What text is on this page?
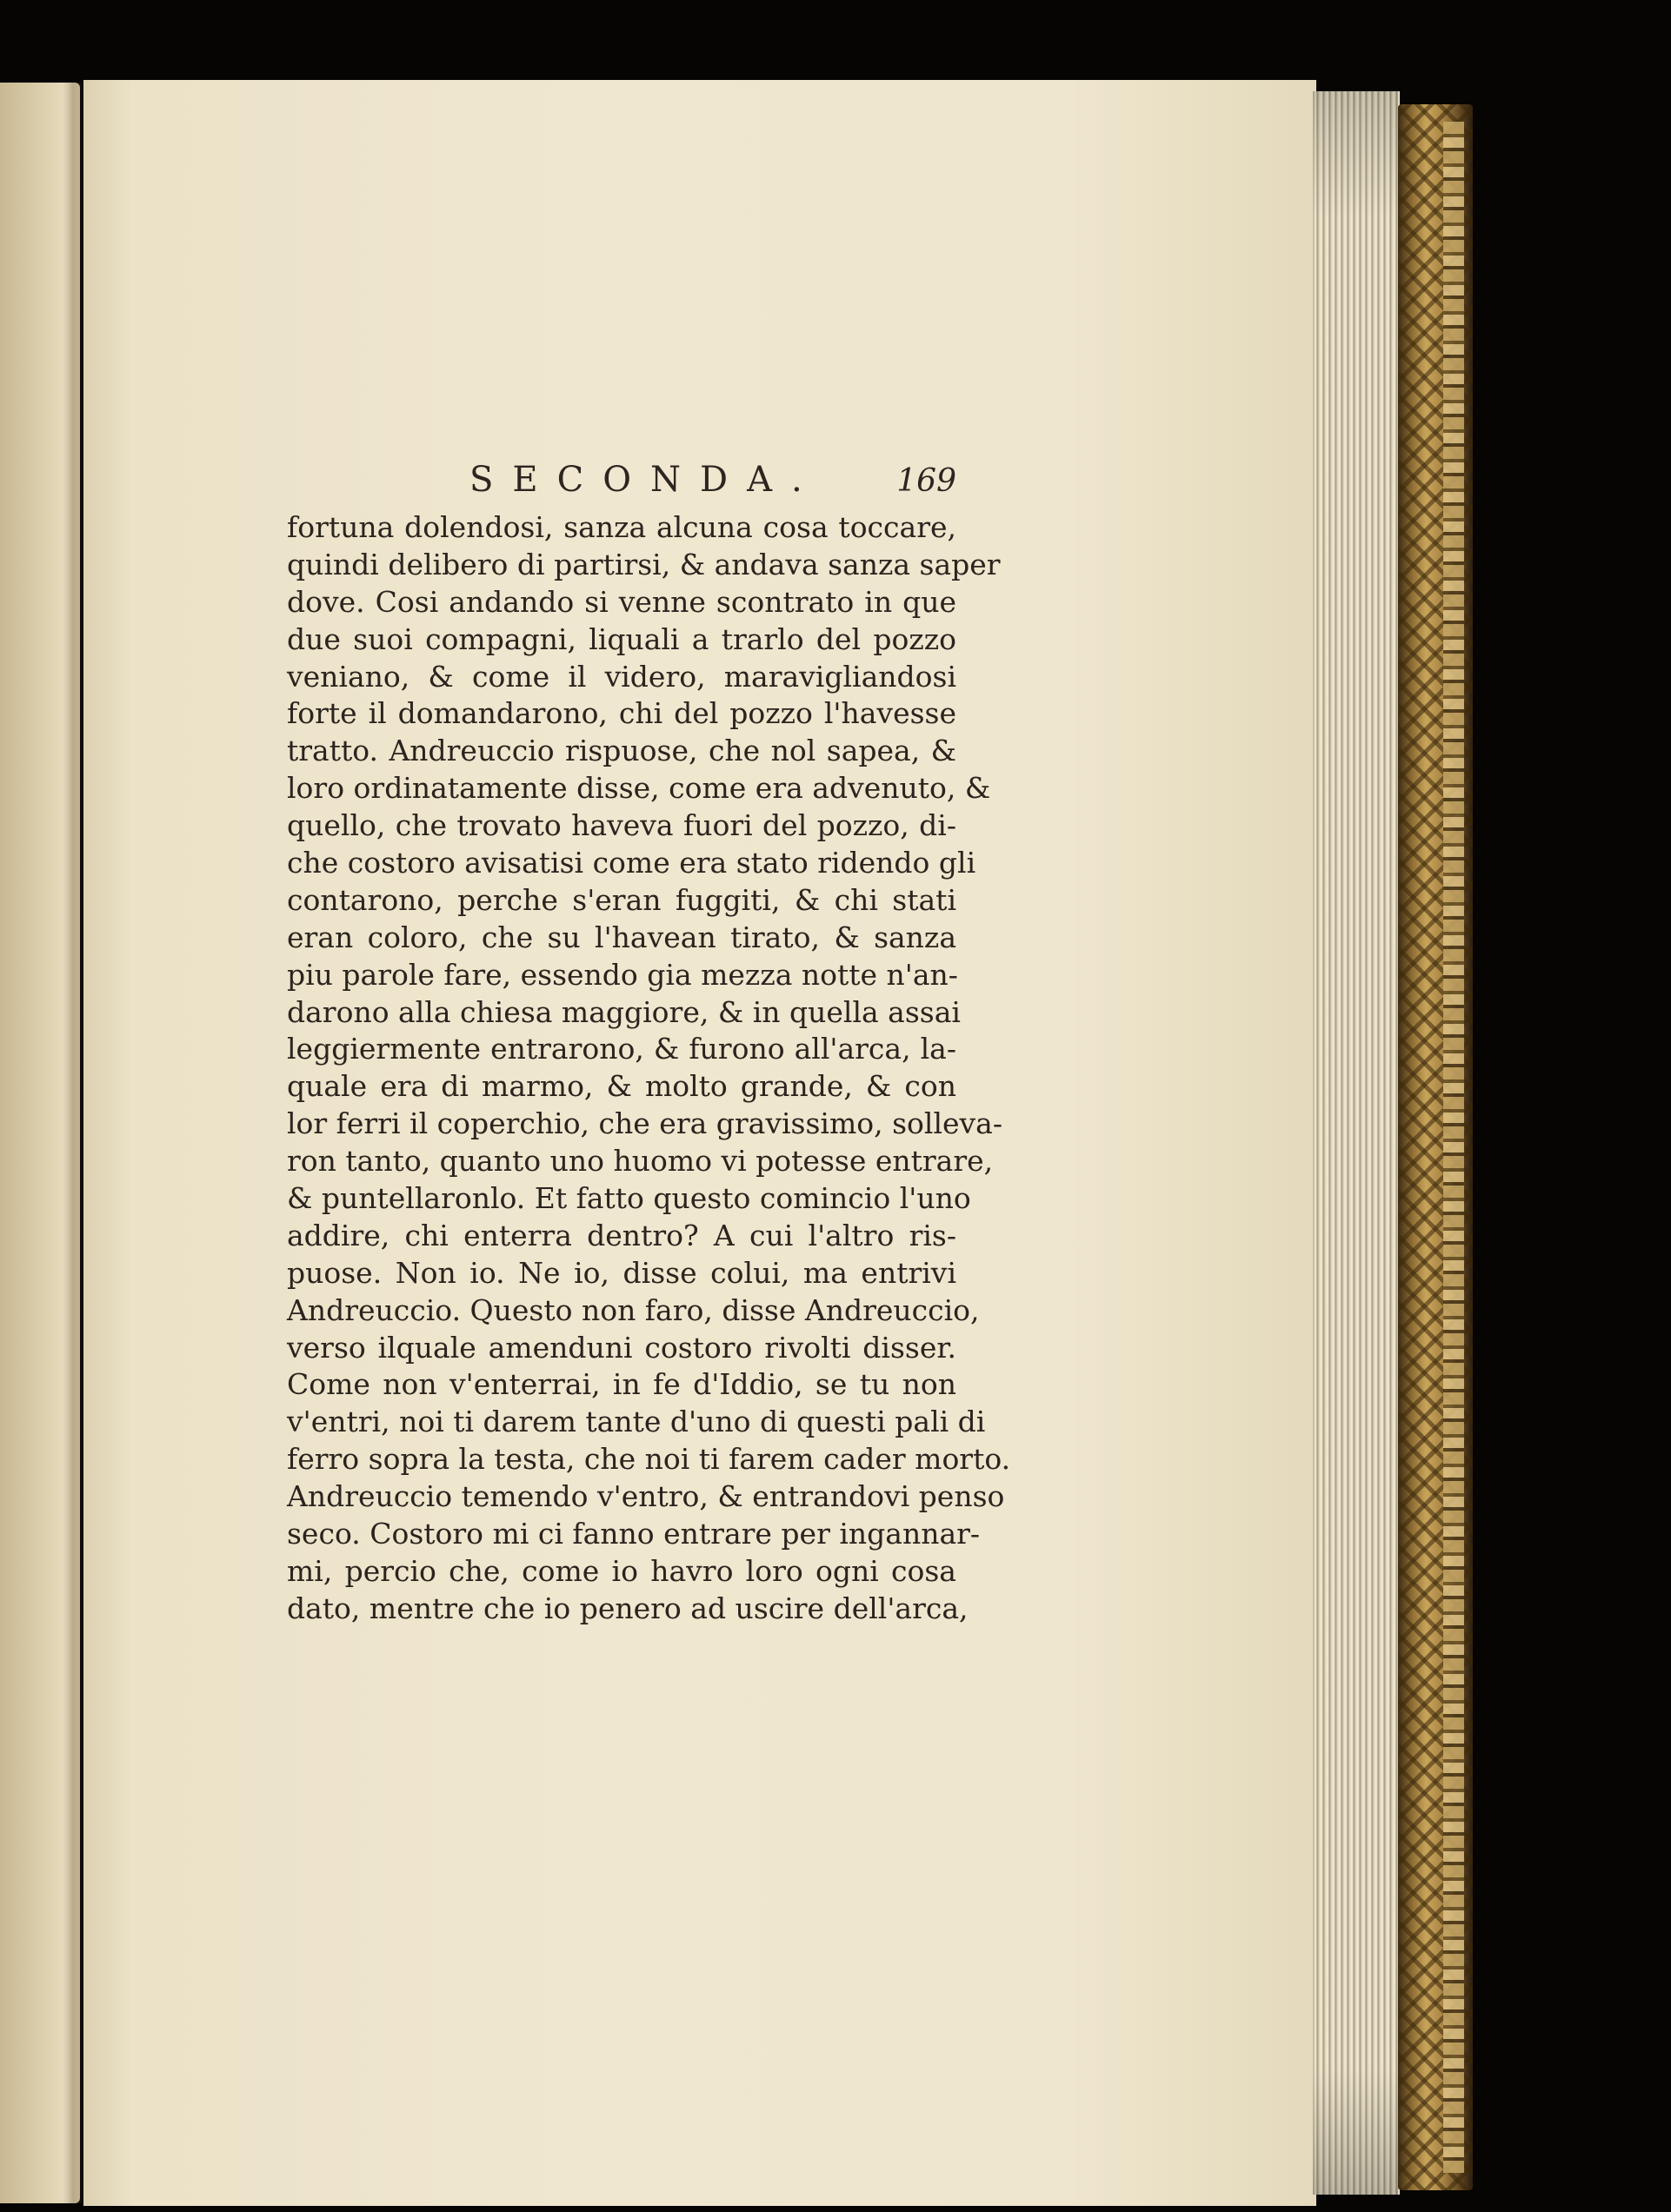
SECONDA. 169
fortuna dolendosi, sanza alcuna cosa toccare,
quindi delibero di partirsi, & andava sanza saper
dove. Cosi andando si venne scontrato in que
due suoi compagni, liquali a trarlo del pozzo
veniano, & come il videro, maravigliandosi
forte il domandarono, chi del pozzo l'havesse
tratto. Andreuccio rispuose, che nol sapea, &
loro ordinatamente disse, come era advenuto, &
quello, che trovato haveva fuori del pozzo, di-
che costoro avisatisi come era stato ridendo gli
contarono, perche s'eran fuggiti, & chi stati
eran coloro, che su l'havean tirato, & sanza
piu parole fare, essendo gia mezza notte n'an-
darono alla chiesa maggiore, & in quella assai
leggiermente entrarono, & furono all'arca, la-
quale era di marmo, & molto grande, & con
lor ferri il coperchio, che era gravissimo, solleva-
ron tanto, quanto uno huomo vi potesse entrare,
& puntellaronlo. Et fatto questo comincio l'uno
addire, chi enterra dentro? A cui l'altro ris-
puose. Non io. Ne io, disse colui, ma entrivi
Andreuccio. Questo non faro, disse Andreuccio,
verso ilquale amenduni costoro rivolti disser.
Come non v'enterrai, in fe d'Iddio, se tu non
v'entri, noi ti darem tante d'uno di questi pali di
ferro sopra la testa, che noi ti farem cader morto.
Andreuccio temendo v'entro, & entrandovi penso
seco. Costoro mi ci fanno entrare per ingannar-
mi, percio che, come io havro loro ogni cosa
dato, mentre che io penero ad uscire dell'arca,
